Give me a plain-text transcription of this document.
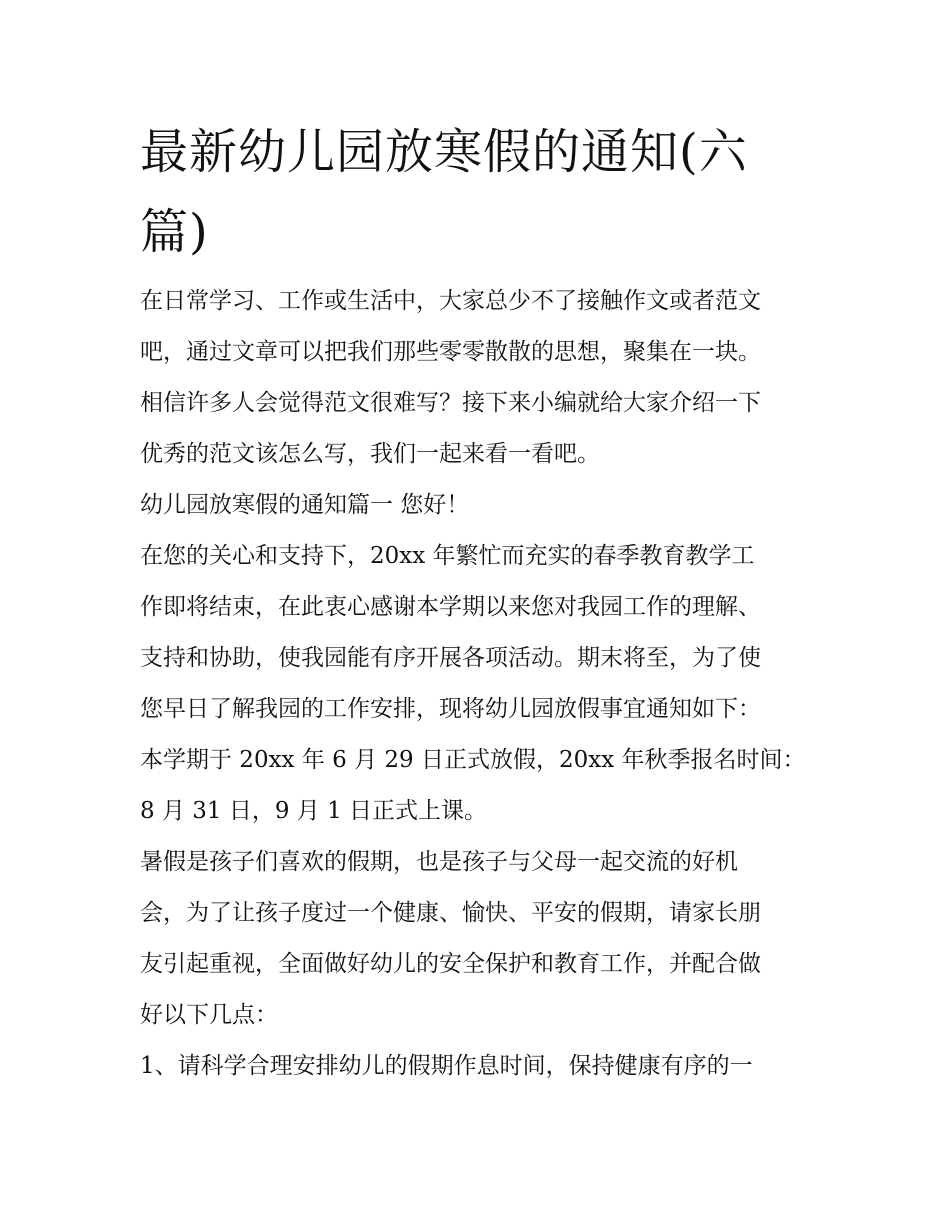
最新幼儿园放寒假的通知(六
篇)

在日常学习、工作或生活中，大家总少不了接触作文或者范文

吧，通过文章可以把我们那些零零散散的思想，聚集在一块。

相信许多人会觉得范文很难写？接下来小编就给大家介绍一下

优秀的范文该怎么写，我们一起来看一看吧。

幼儿园放寒假的通知篇一 您好！

在您的关心和支持下，20xx 年繁忙而充实的春季教育教学工

作即将结束，在此衷心感谢本学期以来您对我园工作的理解、

支持和协助，使我园能有序开展各项活动。期末将至，为了使

您早日了解我园的工作安排，现将幼儿园放假事宜通知如下：

本学期于 20xx 年 6 月 29 日正式放假，20xx 年秋季报名时间：

8 月 31 日，9 月 1 日正式上课。

暑假是孩子们喜欢的假期，也是孩子与父母一起交流的好机

会，为了让孩子度过一个健康、愉快、平安的假期，请家长朋

友引起重视，全面做好幼儿的安全保护和教育工作，并配合做

好以下几点：

1、请科学合理安排幼儿的假期作息时间，保持健康有序的一
